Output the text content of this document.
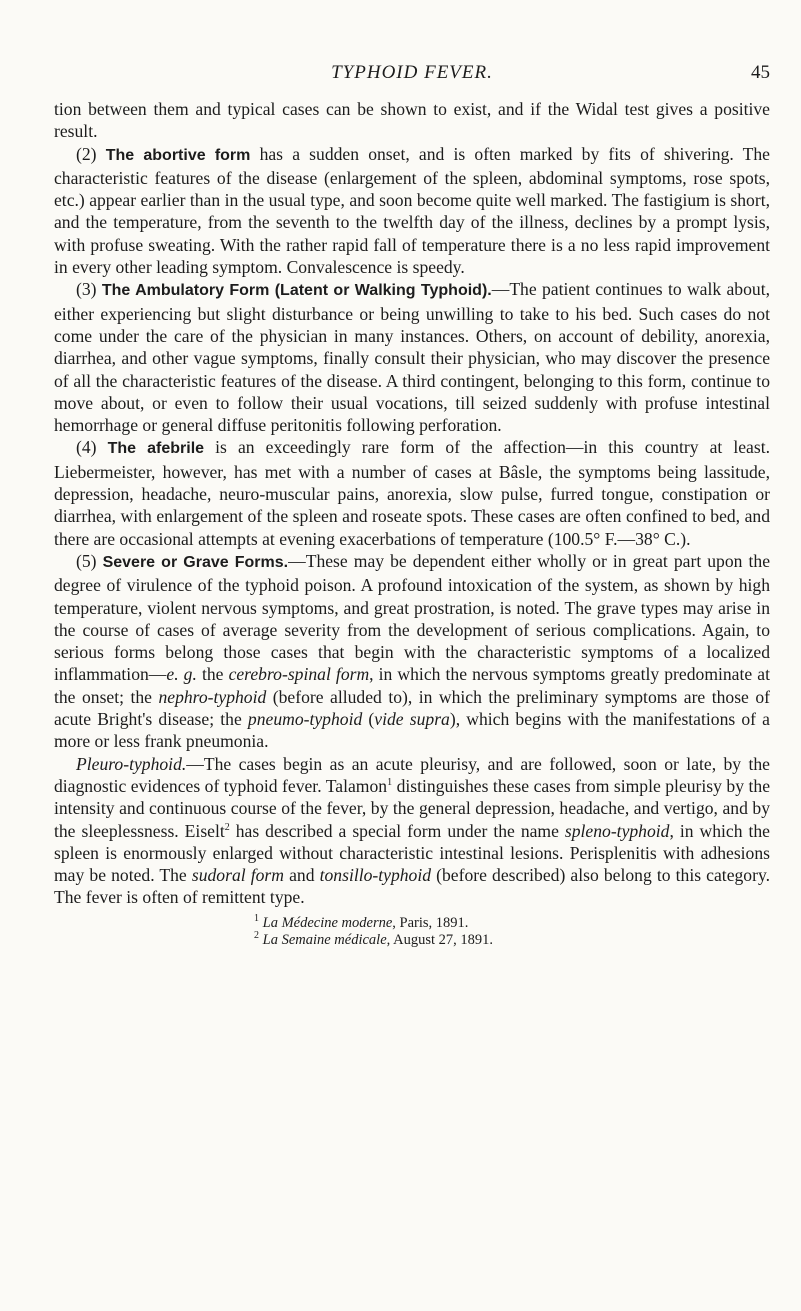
TYPHOID FEVER.	45

tion between them and typical cases can be shown to exist, and if the Widal test gives a positive result.

(2) The abortive form has a sudden onset, and is often marked by fits of shivering. The characteristic features of the disease (enlargement of the spleen, abdominal symptoms, rose spots, etc.) appear earlier than in the usual type, and soon become quite well marked. The fastigium is short, and the temperature, from the seventh to the twelfth day of the illness, declines by a prompt lysis, with profuse sweating. With the rather rapid fall of temperature there is a no less rapid improvement in every other leading symptom. Convalescence is speedy.

(3) The Ambulatory Form (Latent or Walking Typhoid).—The patient continues to walk about, either experiencing but slight disturbance or being unwilling to take to his bed. Such cases do not come under the care of the physician in many instances. Others, on account of debility, anorexia, diarrhea, and other vague symptoms, finally consult their physician, who may discover the presence of all the characteristic features of the disease. A third contingent, belonging to this form, continue to move about, or even to follow their usual vocations, till seized suddenly with profuse intestinal hemorrhage or general diffuse peritonitis following perforation.

(4) The afebrile is an exceedingly rare form of the affection—in this country at least. Liebermeister, however, has met with a number of cases at Bâsle, the symptoms being lassitude, depression, headache, neuro-muscular pains, anorexia, slow pulse, furred tongue, constipation or diarrhea, with enlargement of the spleen and roseate spots. These cases are often confined to bed, and there are occasional attempts at evening exacerbations of temperature (100.5° F.—38° C.).

(5) Severe or Grave Forms.—These may be dependent either wholly or in great part upon the degree of virulence of the typhoid poison. A profound intoxication of the system, as shown by high temperature, violent nervous symptoms, and great prostration, is noted. The grave types may arise in the course of cases of average severity from the development of serious complications. Again, to serious forms belong those cases that begin with the characteristic symptoms of a localized inflammation—e. g. the cerebro-spinal form, in which the nervous symptoms greatly predominate at the onset; the nephro-typhoid (before alluded to), in which the preliminary symptoms are those of acute Bright's disease; the pneumo-typhoid (vide supra), which begins with the manifestations of a more or less frank pneumonia.

Pleuro-typhoid.—The cases begin as an acute pleurisy, and are followed, soon or late, by the diagnostic evidences of typhoid fever. Talamon$^1$ distinguishes these cases from simple pleurisy by the intensity and continuous course of the fever, by the general depression, headache, and vertigo, and by the sleeplessness. Eiselt$^2$ has described a special form under the name spleno-typhoid, in which the spleen is enormously enlarged without characteristic intestinal lesions. Perisplenitis with adhesions may be noted. The sudoral form and tonsillo-typhoid (before described) also belong to this category. The fever is often of remittent type.

$^1$ La Médecine moderne, Paris, 1891.
$^2$ La Semaine médicale, August 27, 1891.
